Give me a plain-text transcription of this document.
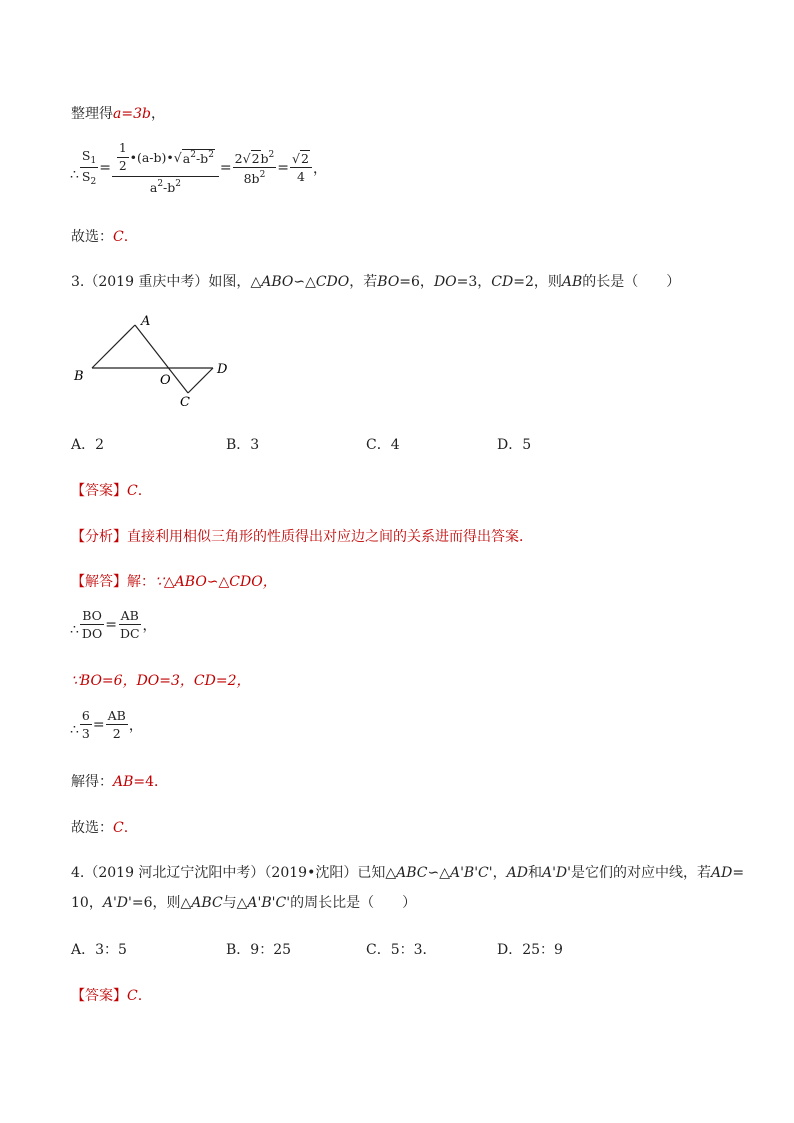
整理得a=3b，
∴ $\frac{S_1}{S_2} = \frac{\frac{1}{2} •(a-b)• √ a^2-b^2}{a^2-b^2} = \frac{2√2b^2}{8b^2} = \frac{√2}{4}$ ，
故选：C.
3.（2019 重庆中考）如图，△ABO∽△CDO，若BO=6，DO=3，CD=2，则AB的长是（　　）
A
B	O
D
C
A．2	B．3	C．4	D．5
【答案】C.
【分析】直接利用相似三角形的性质得出对应边之间的关系进而得出答案．
【解答】解：∵△ABO∽△CDO，
∴ $\frac{BO}{DO} = \frac{AB}{DC}$ ，
∵BO=6，DO=3，CD=2，
∴ $\frac{6}{3} = \frac{AB}{2}$ ，
解得：AB=4．
故选：C.
4.（2019 河北辽宁沈阳中考）（2019•沈阳）已知△ABC∽△A'B'C'，AD和A'D'是它们的对应中线，若AD=
10，A'D'=6，则△ABC与△A'B'C'的周长比是（　　）
A．3：5	B．9：25	C．5：3．	D．25：9
【答案】C.
